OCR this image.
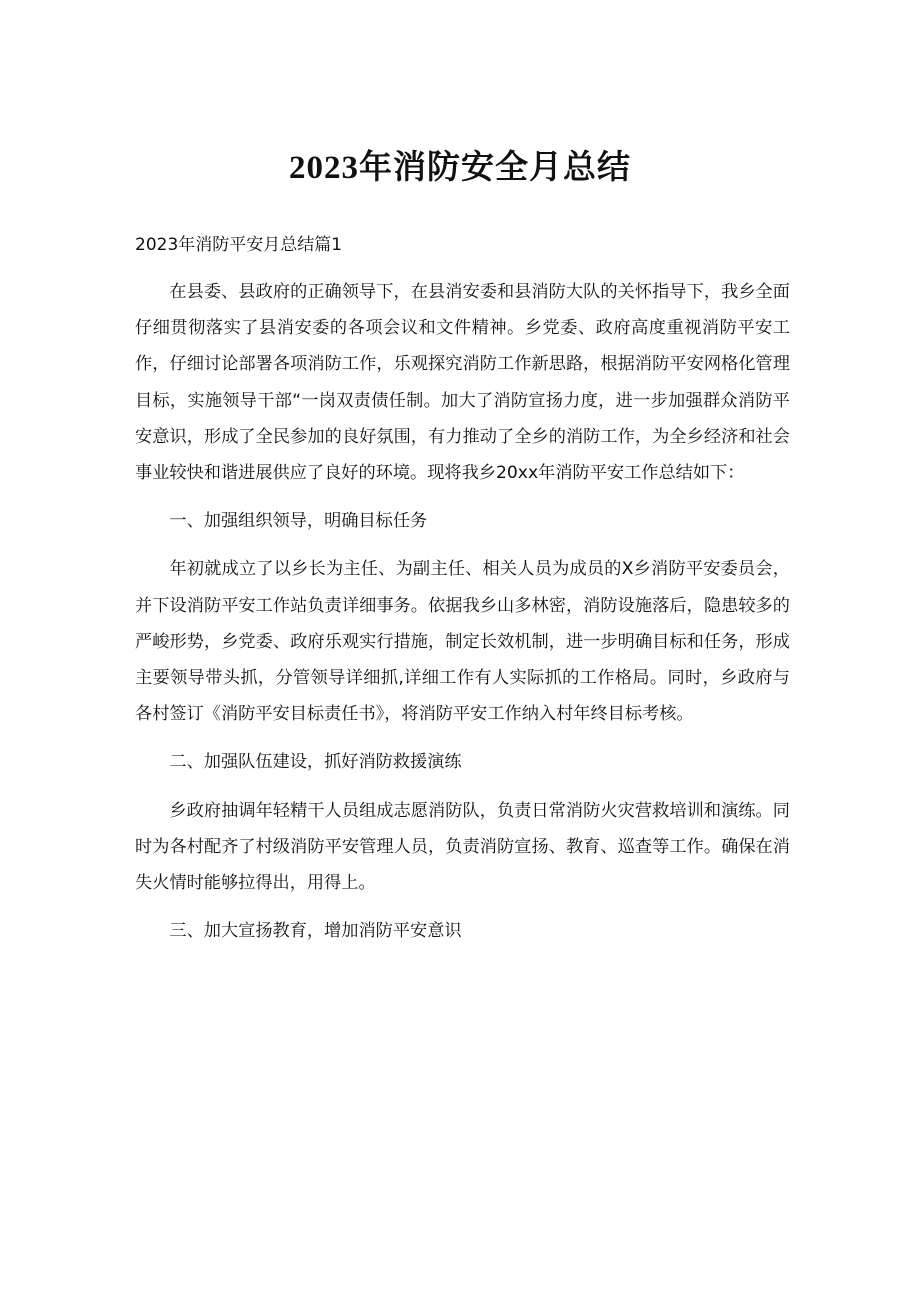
2023年消防安全月总结
2023年消防平安月总结篇1

在县委、县政府的正确领导下，在县消安委和县消防大队的关怀指导下，我乡全面仔细贯彻落实了县消安委的各项会议和文件精神。乡党委、政府高度重视消防平安工作，仔细讨论部署各项消防工作，乐观探究消防工作新思路，根据消防平安网格化管理目标，实施领导干部“一岗双责债任制。加大了消防宣扬力度，进一步加强群众消防平安意识，形成了全民参加的良好氛围，有力推动了全乡的消防工作，为全乡经济和社会事业较快和谐进展供应了良好的环境。现将我乡20xx年消防平安工作总结如下：

一、加强组织领导，明确目标任务

年初就成立了以乡长为主任、为副主任、相关人员为成员的X乡消防平安委员会，并下设消防平安工作站负责详细事务。依据我乡山多林密，消防设施落后，隐患较多的严峻形势，乡党委、政府乐观实行措施，制定长效机制，进一步明确目标和任务，形成主要领导带头抓，分管领导详细抓,详细工作有人实际抓的工作格局。同时，乡政府与各村签订《消防平安目标责任书》，将消防平安工作纳入村年终目标考核。

二、加强队伍建设，抓好消防救援演练

乡政府抽调年轻精干人员组成志愿消防队，负责日常消防火灾营救培训和演练。同时为各村配齐了村级消防平安管理人员，负责消防宣扬、教育、巡查等工作。确保在消失火情时能够拉得出，用得上。

三、加大宣扬教育，增加消防平安意识
